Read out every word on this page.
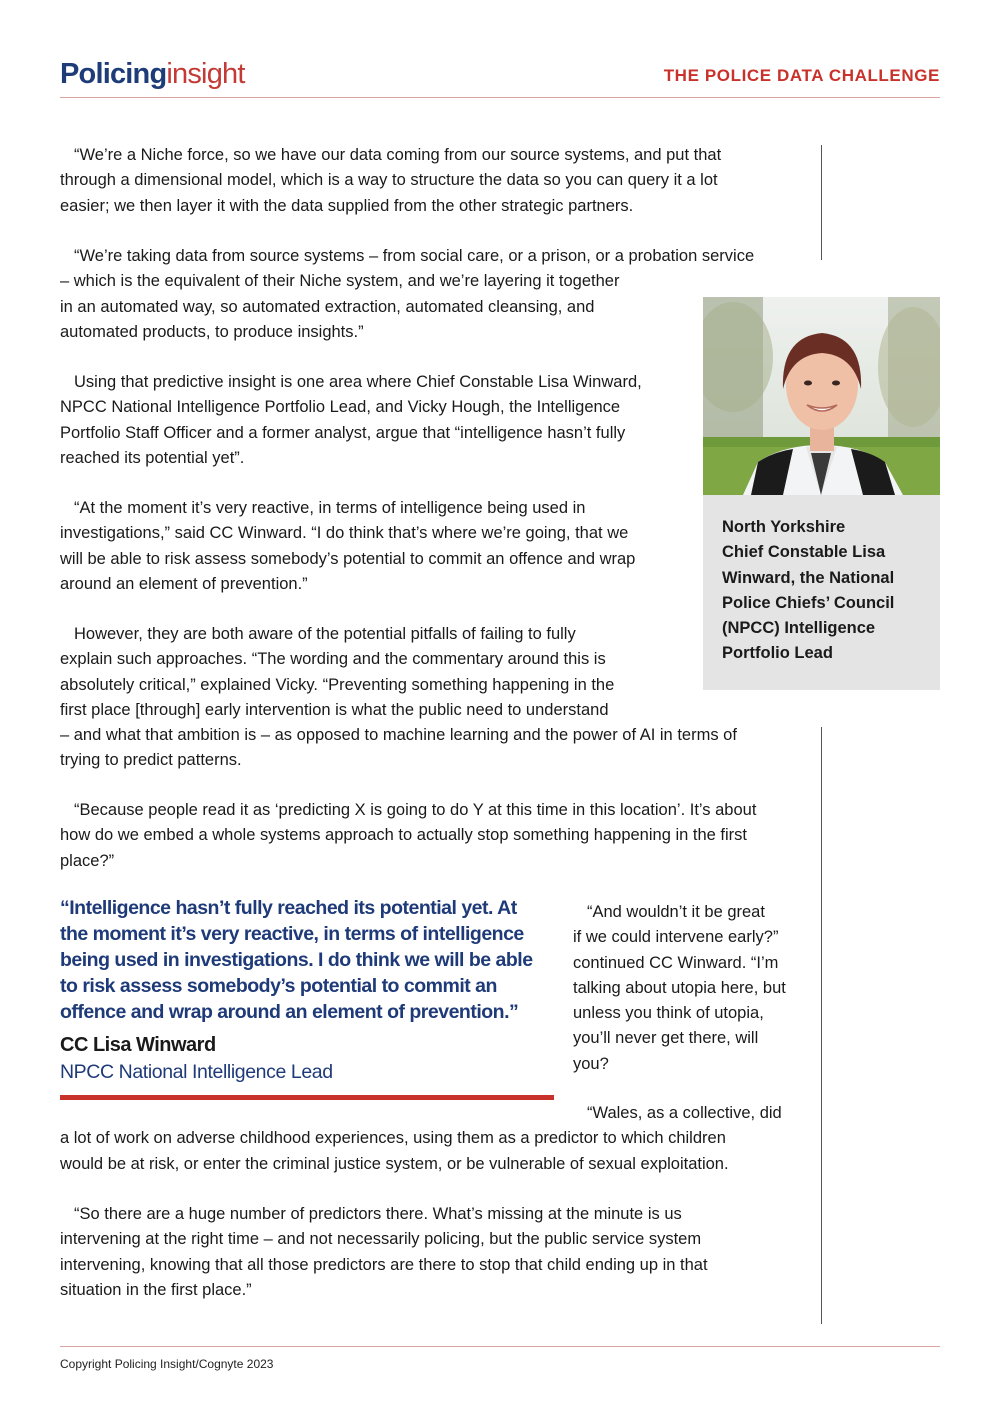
Policinginsight	THE POLICE DATA CHALLENGE
“We’re a Niche force, so we have our data coming from our source systems, and put that
through a dimensional model, which is a way to structure the data so you can query it a lot
easier; we then layer it with the data supplied from the other strategic partners.
“We’re taking data from source systems – from social care, or a prison, or a probation service
– which is the equivalent of their Niche system, and we’re layering it together
in an automated way, so automated extraction, automated cleansing, and
automated products, to produce insights.”
Using that predictive insight is one area where Chief Constable Lisa Winward,
NPCC National Intelligence Portfolio Lead, and Vicky Hough, the Intelligence
Portfolio Staff Officer and a former analyst, argue that “intelligence hasn’t fully
reached its potential yet”.
“At the moment it’s very reactive, in terms of intelligence being used in
investigations,” said CC Winward. “I do think that’s where we’re going, that we
will be able to risk assess somebody’s potential to commit an offence and wrap
around an element of prevention.”
However, they are both aware of the potential pitfalls of failing to fully
explain such approaches. “The wording and the commentary around this is
absolutely critical,” explained Vicky. “Preventing something happening in the
first place [through] early intervention is what the public need to understand
– and what that ambition is – as opposed to machine learning and the power of AI in terms of
trying to predict patterns.
“Because people read it as ‘predicting X is going to do Y at this time in this location’. It’s about
how do we embed a whole systems approach to actually stop something happening in the first
place?”
“And wouldn’t it be great
if we could intervene early?”
continued CC Winward. “I’m
talking about utopia here, but
unless you think of utopia,
you’ll never get there, will
you?
“Wales, as a collective, did
a lot of work on adverse childhood experiences, using them as a predictor to which children
would be at risk, or enter the criminal justice system, or be vulnerable of sexual exploitation.
“So there are a huge number of predictors there. What’s missing at the minute is us
intervening at the right time – and not necessarily policing, but the public service system
intervening, knowing that all those predictors are there to stop that child ending up in that
situation in the first place.”
North Yorkshire
Chief Constable Lisa
Winward, the National
Police Chiefs’ Council
(NPCC) Intelligence
Portfolio Lead
“Intelligence hasn’t fully reached its potential yet. At
the moment it’s very reactive, in terms of intelligence
being used in investigations. I do think we will be able
to risk assess somebody’s potential to commit an
offence and wrap around an element of prevention.”
CC Lisa Winward
NPCC National Intelligence Lead
Copyright Policing Insight/Cognyte 2023
